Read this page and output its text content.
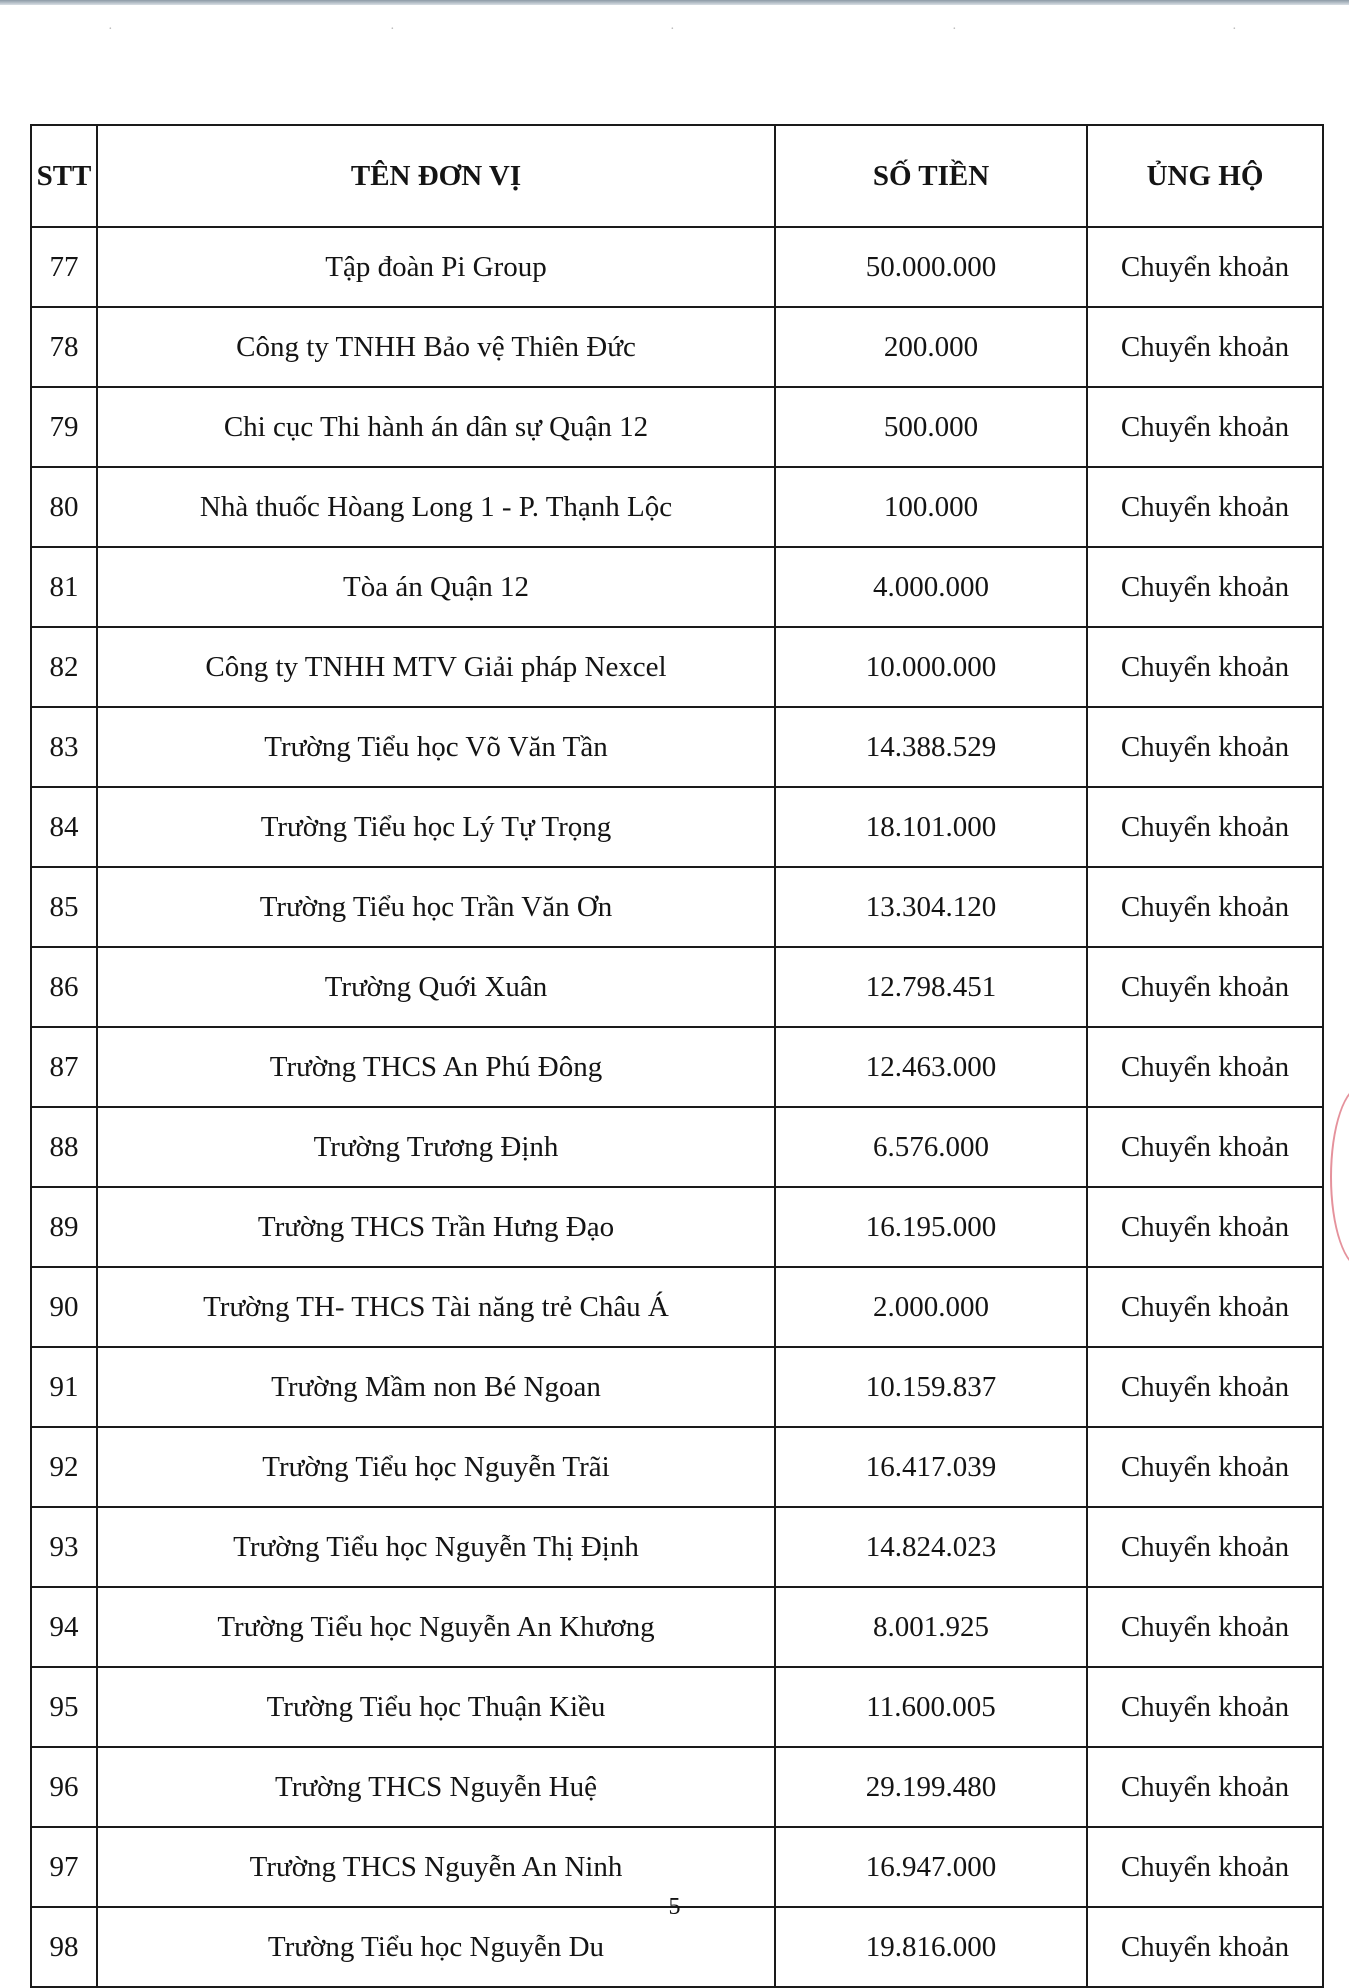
·	·	·	·	·
STT	TÊN ĐƠN VỊ	SỐ TIỀN	ỦNG HỘ
77	Tập đoàn Pi Group	50.000.000	Chuyển khoản
78	Công ty TNHH Bảo vệ Thiên Đức	200.000	Chuyển khoản
79	Chi cục Thi hành án dân sự Quận 12	500.000	Chuyển khoản
80	Nhà thuốc Hòang Long 1 - P. Thạnh Lộc	100.000	Chuyển khoản
81	Tòa án Quận 12	4.000.000	Chuyển khoản
82	Công ty TNHH MTV Giải pháp Nexcel	10.000.000	Chuyển khoản
83	Trường Tiểu học Võ Văn Tần	14.388.529	Chuyển khoản
84	Trường Tiểu học Lý Tự Trọng	18.101.000	Chuyển khoản
85	Trường Tiểu học Trần Văn Ơn	13.304.120	Chuyển khoản
86	Trường Quới Xuân	12.798.451	Chuyển khoản
87	Trường THCS An Phú Đông	12.463.000	Chuyển khoản
88	Trường Trương Định	6.576.000	Chuyển khoản
89	Trường THCS Trần Hưng Đạo	16.195.000	Chuyển khoản
90	Trường TH- THCS Tài năng trẻ Châu Á	2.000.000	Chuyển khoản
91	Trường Mầm non Bé Ngoan	10.159.837	Chuyển khoản
92	Trường Tiểu học Nguyễn Trãi	16.417.039	Chuyển khoản
93	Trường Tiểu học Nguyễn Thị Định	14.824.023	Chuyển khoản
94	Trường Tiểu học Nguyễn An Khương	8.001.925	Chuyển khoản
95	Trường Tiểu học Thuận Kiều	11.600.005	Chuyển khoản
96	Trường THCS Nguyễn Huệ	29.199.480	Chuyển khoản
97	Trường THCS Nguyễn An Ninh	16.947.000	Chuyển khoản
98	Trường Tiểu học Nguyễn Du	19.816.000	Chuyển khoản
5
